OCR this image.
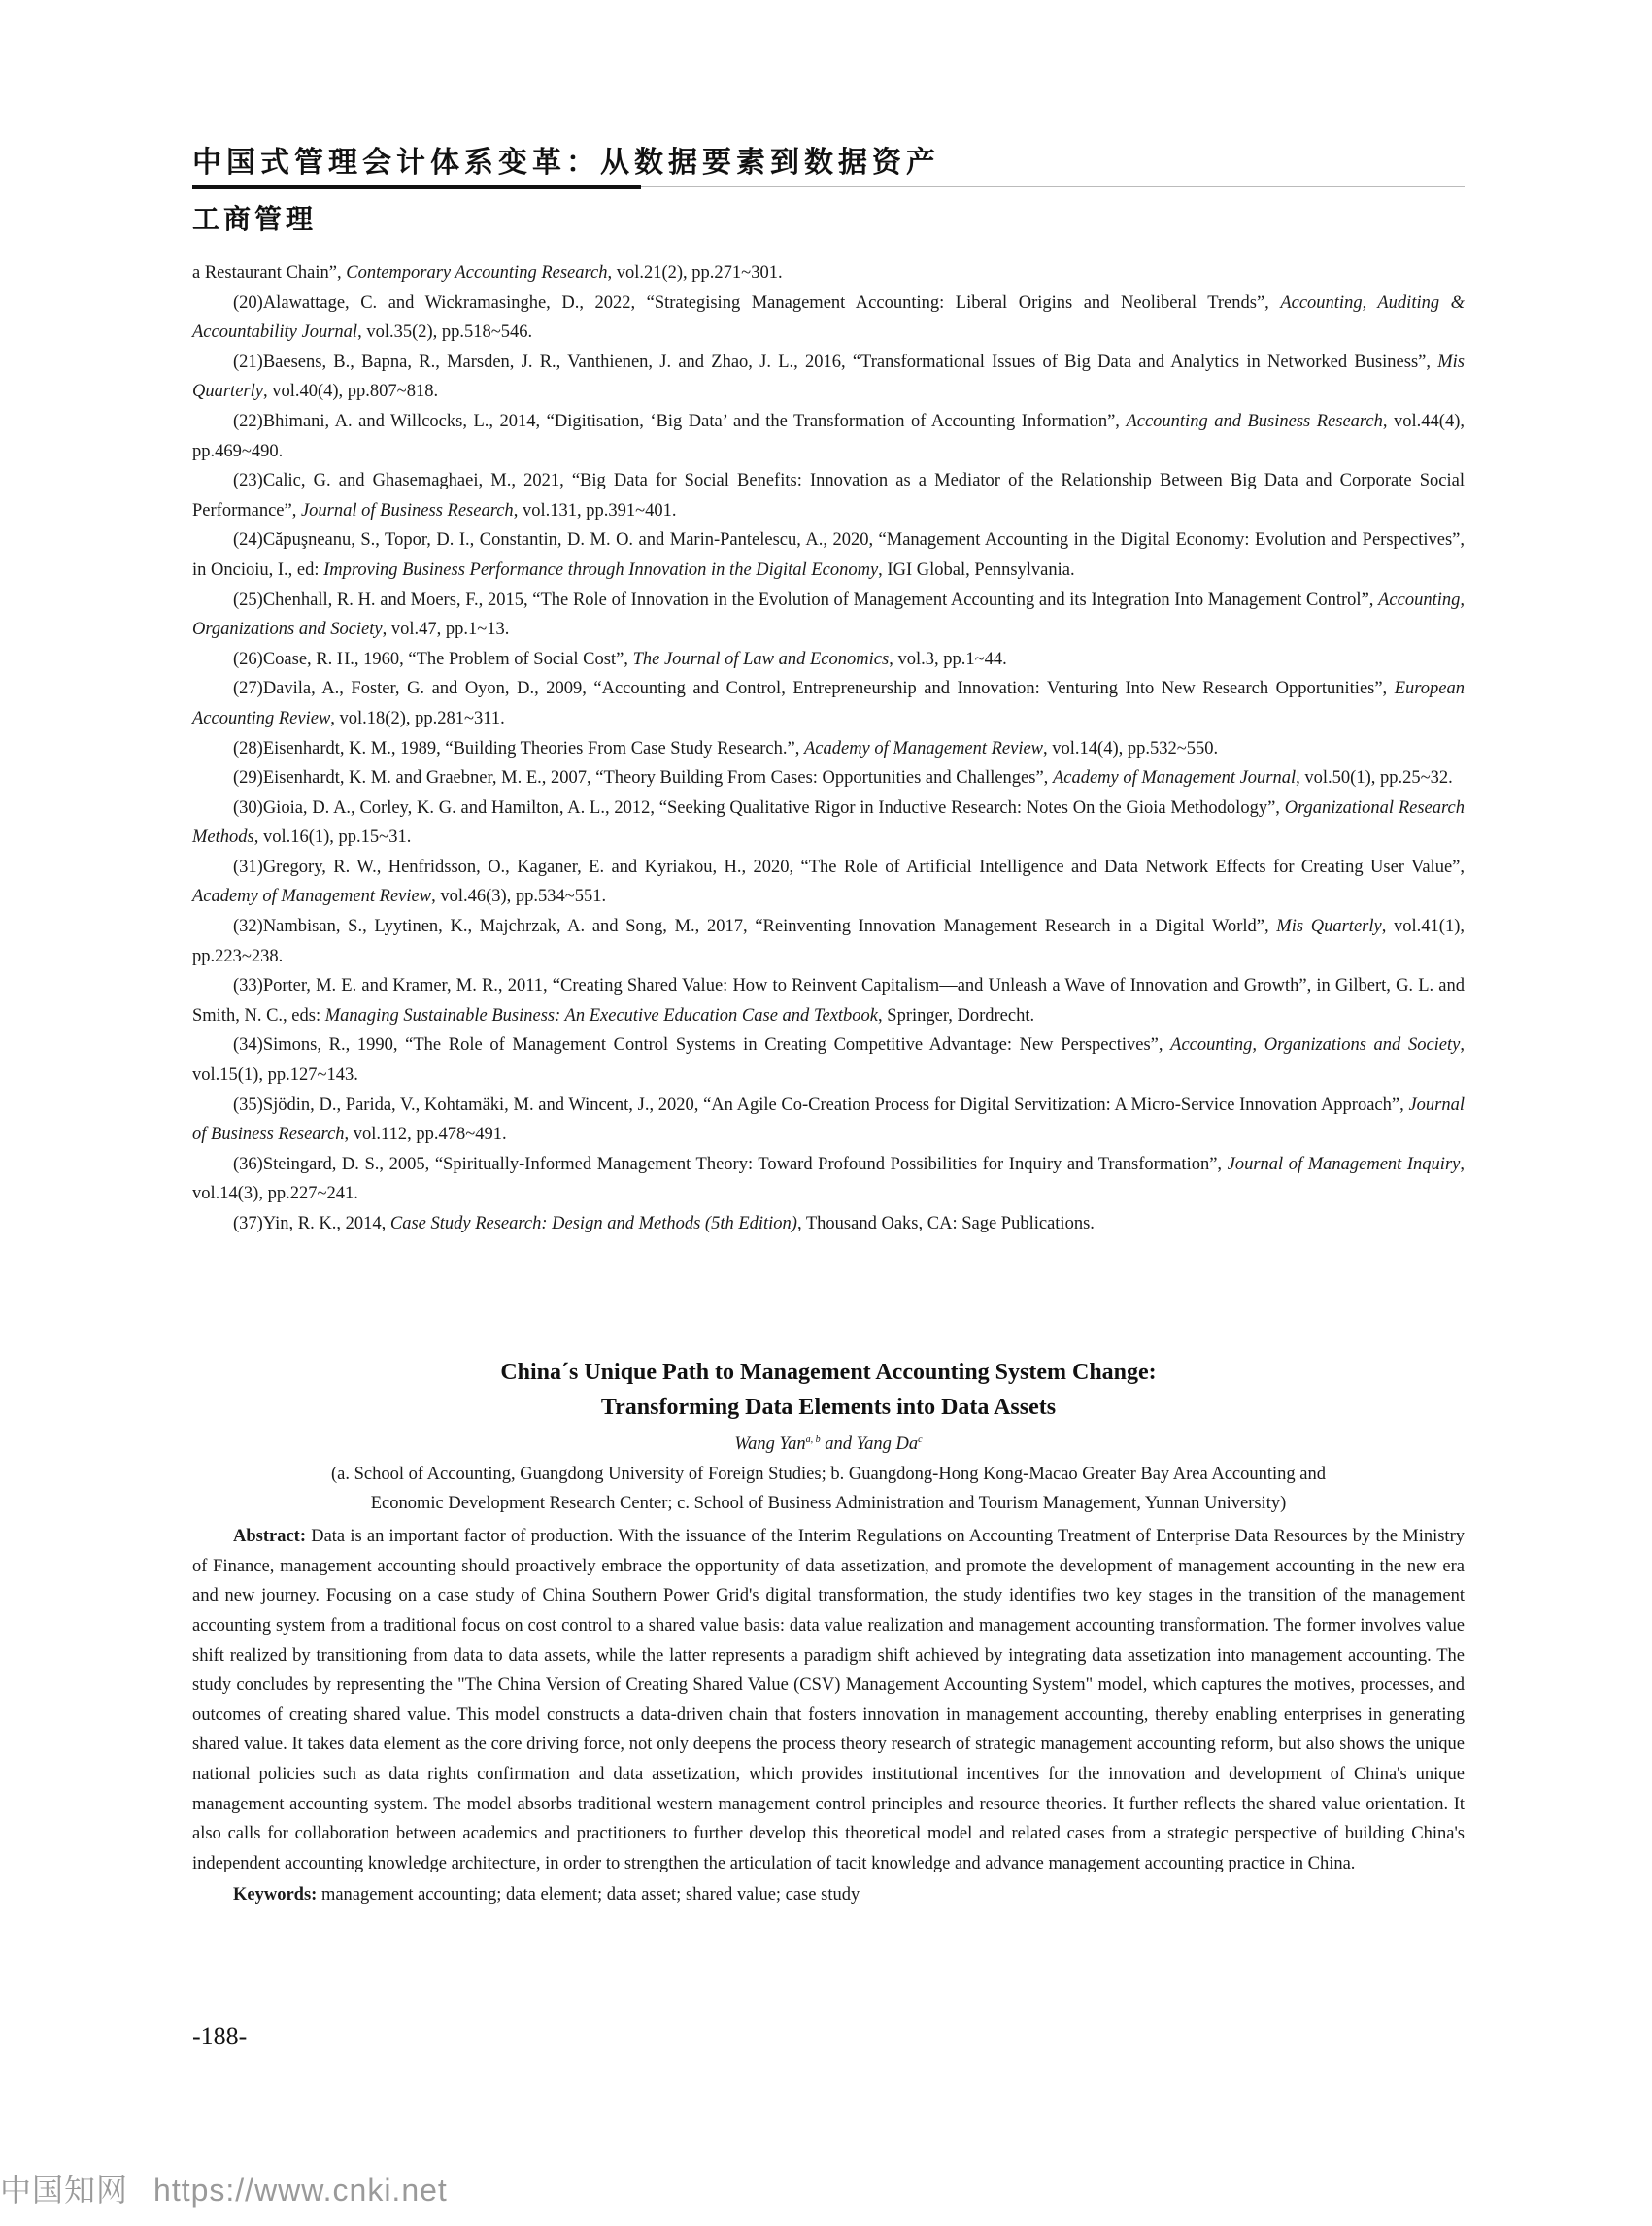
中国式管理会计体系变革：从数据要素到数据资产
工商管理

a Restaurant Chain”, Contemporary Accounting Research, vol.21(2), pp.271~301.

(20)Alawattage, C. and Wickramasinghe, D., 2022, “Strategising Management Accounting: Liberal Origins and Neoliberal Trends”, Accounting, Auditing & Accountability Journal, vol.35(2), pp.518~546.

(21)Baesens, B., Bapna, R., Marsden, J. R., Vanthienen, J. and Zhao, J. L., 2016, “Transformational Issues of Big Data and Analytics in Networked Business”, Mis Quarterly, vol.40(4), pp.807~818.

(22)Bhimani, A. and Willcocks, L., 2014, “Digitisation, ‘Big Data’ and the Transformation of Accounting Information”, Accounting and Business Research, vol.44(4), pp.469~490.

(23)Calic, G. and Ghasemaghaei, M., 2021, “Big Data for Social Benefits: Innovation as a Mediator of the Relationship Between Big Data and Corporate Social Performance”, Journal of Business Research, vol.131, pp.391~401.

(24)Căpuşneanu, S., Topor, D. I., Constantin, D. M. O. and Marin-Pantelescu, A., 2020, “Management Accounting in the Digital Economy: Evolution and Perspectives”, in Oncioiu, I., ed: Improving Business Performance through Innovation in the Digital Economy, IGI Global, Pennsylvania.

(25)Chenhall, R. H. and Moers, F., 2015, “The Role of Innovation in the Evolution of Management Accounting and its Integration Into Management Control”, Accounting, Organizations and Society, vol.47, pp.1~13.

(26)Coase, R. H., 1960, “The Problem of Social Cost”, The Journal of Law and Economics, vol.3, pp.1~44.

(27)Davila, A., Foster, G. and Oyon, D., 2009, “Accounting and Control, Entrepreneurship and Innovation: Venturing Into New Research Opportunities”, European Accounting Review, vol.18(2), pp.281~311.

(28)Eisenhardt, K. M., 1989, “Building Theories From Case Study Research.”, Academy of Management Review, vol.14(4), pp.532~550.

(29)Eisenhardt, K. M. and Graebner, M. E., 2007, “Theory Building From Cases: Opportunities and Challenges”, Academy of Management Journal, vol.50(1), pp.25~32.

(30)Gioia, D. A., Corley, K. G. and Hamilton, A. L., 2012, “Seeking Qualitative Rigor in Inductive Research: Notes On the Gioia Methodology”, Organizational Research Methods, vol.16(1), pp.15~31.

(31)Gregory, R. W., Henfridsson, O., Kaganer, E. and Kyriakou, H., 2020, “The Role of Artificial Intelligence and Data Network Effects for Creating User Value”, Academy of Management Review, vol.46(3), pp.534~551.

(32)Nambisan, S., Lyytinen, K., Majchrzak, A. and Song, M., 2017, “Reinventing Innovation Management Research in a Digital World”, Mis Quarterly, vol.41(1), pp.223~238.

(33)Porter, M. E. and Kramer, M. R., 2011, “Creating Shared Value: How to Reinvent Capitalism—and Unleash a Wave of Innovation and Growth”, in Gilbert, G. L. and Smith, N. C., eds: Managing Sustainable Business: An Executive Education Case and Textbook, Springer, Dordrecht.

(34)Simons, R., 1990, “The Role of Management Control Systems in Creating Competitive Advantage: New Perspectives”, Accounting, Organizations and Society, vol.15(1), pp.127~143.

(35)Sjödin, D., Parida, V., Kohtamäki, M. and Wincent, J., 2020, “An Agile Co-Creation Process for Digital Servitization: A Micro-Service Innovation Approach”, Journal of Business Research, vol.112, pp.478~491.

(36)Steingard, D. S., 2005, “Spiritually-Informed Management Theory: Toward Profound Possibilities for Inquiry and Transformation”, Journal of Management Inquiry, vol.14(3), pp.227~241.

(37)Yin, R. K., 2014, Case Study Research: Design and Methods (5th Edition), Thousand Oaks, CA: Sage Publications.

China´s Unique Path to Management Accounting System Change:
Transforming Data Elements into Data Assets
Wang Yan$^{a, b}$ and Yang Da$^c$
(a. School of Accounting, Guangdong University of Foreign Studies; b. Guangdong-Hong Kong-Macao Greater Bay Area Accounting and
Economic Development Research Center; c. School of Business Administration and Tourism Management, Yunnan University)
Abstract: Data is an important factor of production. With the issuance of the Interim Regulations on Accounting Treatment of Enterprise Data Resources by the Ministry of Finance, management accounting should proactively embrace the opportunity of data assetization, and promote the development of management accounting in the new era and new journey. Focusing on a case study of China Southern Power Grid's digital transformation, the study identifies two key stages in the transition of the management accounting system from a traditional focus on cost control to a shared value basis: data value realization and management accounting transformation. The former involves value shift realized by transitioning from data to data assets, while the latter represents a paradigm shift achieved by integrating data assetization into management accounting. The study concludes by representing the "The China Version of Creating Shared Value (CSV) Management Accounting System" model, which captures the motives, processes, and outcomes of creating shared value. This model constructs a data-driven chain that fosters innovation in management accounting, thereby enabling enterprises in generating shared value. It takes data element as the core driving force, not only deepens the process theory research of strategic management accounting reform, but also shows the unique national policies such as data rights confirmation and data assetization, which provides institutional incentives for the innovation and development of China's unique management accounting system. The model absorbs traditional western management control principles and resource theories. It further reflects the shared value orientation. It also calls for collaboration between academics and practitioners to further develop this theoretical model and related cases from a strategic perspective of building China's independent accounting knowledge architecture, in order to strengthen the articulation of tacit knowledge and advance management accounting practice in China.
Keywords: management accounting; data element; data asset; shared value; case study
-188-
中国知网 https://www.cnki.net
